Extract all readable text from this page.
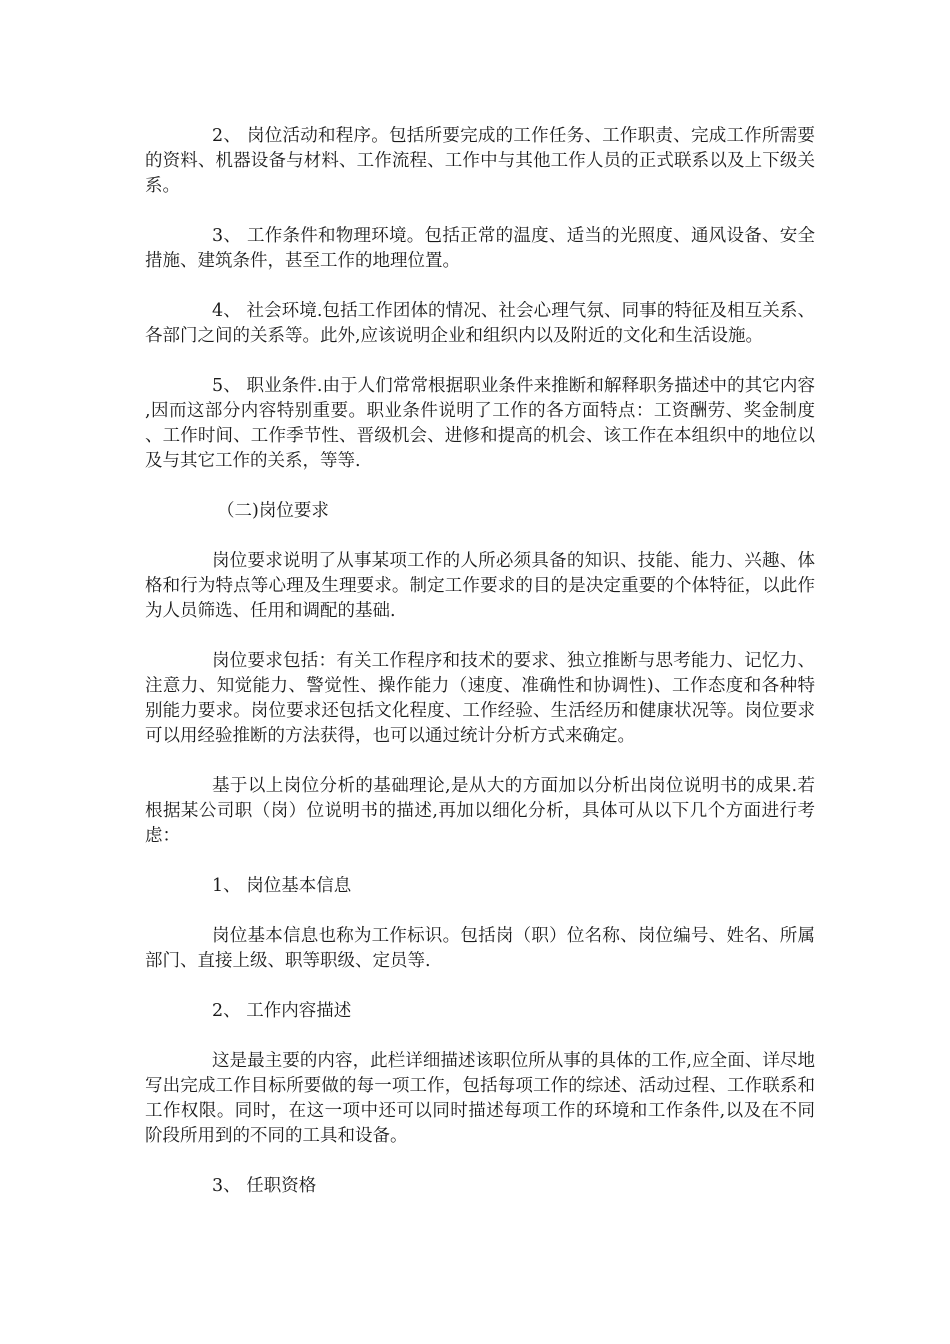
2、 岗位活动和程序。包括所要完成的工作任务、工作职责、完成工作所需要的资料、机器设备与材料、工作流程、工作中与其他工作人员的正式联系以及上下级关系。

3、 工作条件和物理环境。包括正常的温度、适当的光照度、通风设备、安全措施、建筑条件，甚至工作的地理位置。

4、 社会环境.包括工作团体的情况、社会心理气氛、同事的特征及相互关系、各部门之间的关系等。此外,应该说明企业和组织内以及附近的文化和生活设施。

5、 职业条件.由于人们常常根据职业条件来推断和解释职务描述中的其它内容,因而这部分内容特别重要。职业条件说明了工作的各方面特点：工资酬劳、奖金制度、工作时间、工作季节性、晋级机会、进修和提高的机会、该工作在本组织中的地位以及与其它工作的关系，等等.

（二)岗位要求

岗位要求说明了从事某项工作的人所必须具备的知识、技能、能力、兴趣、体格和行为特点等心理及生理要求。制定工作要求的目的是决定重要的个体特征，以此作为人员筛选、任用和调配的基础.

岗位要求包括：有关工作程序和技术的要求、独立推断与思考能力、记忆力、注意力、知觉能力、警觉性、操作能力（速度、准确性和协调性)、工作态度和各种特别能力要求。岗位要求还包括文化程度、工作经验、生活经历和健康状况等。岗位要求可以用经验推断的方法获得，也可以通过统计分析方式来确定。

基于以上岗位分析的基础理论,是从大的方面加以分析出岗位说明书的成果.若根据某公司职（岗）位说明书的描述,再加以细化分析，具体可从以下几个方面进行考虑：

1、 岗位基本信息

岗位基本信息也称为工作标识。包括岗（职）位名称、岗位编号、姓名、所属部门、直接上级、职等职级、定员等.

2、 工作内容描述

这是最主要的内容，此栏详细描述该职位所从事的具体的工作,应全面、详尽地写出完成工作目标所要做的每一项工作，包括每项工作的综述、活动过程、工作联系和工作权限。同时，在这一项中还可以同时描述每项工作的环境和工作条件,以及在不同阶段所用到的不同的工具和设备。

3、 任职资格
